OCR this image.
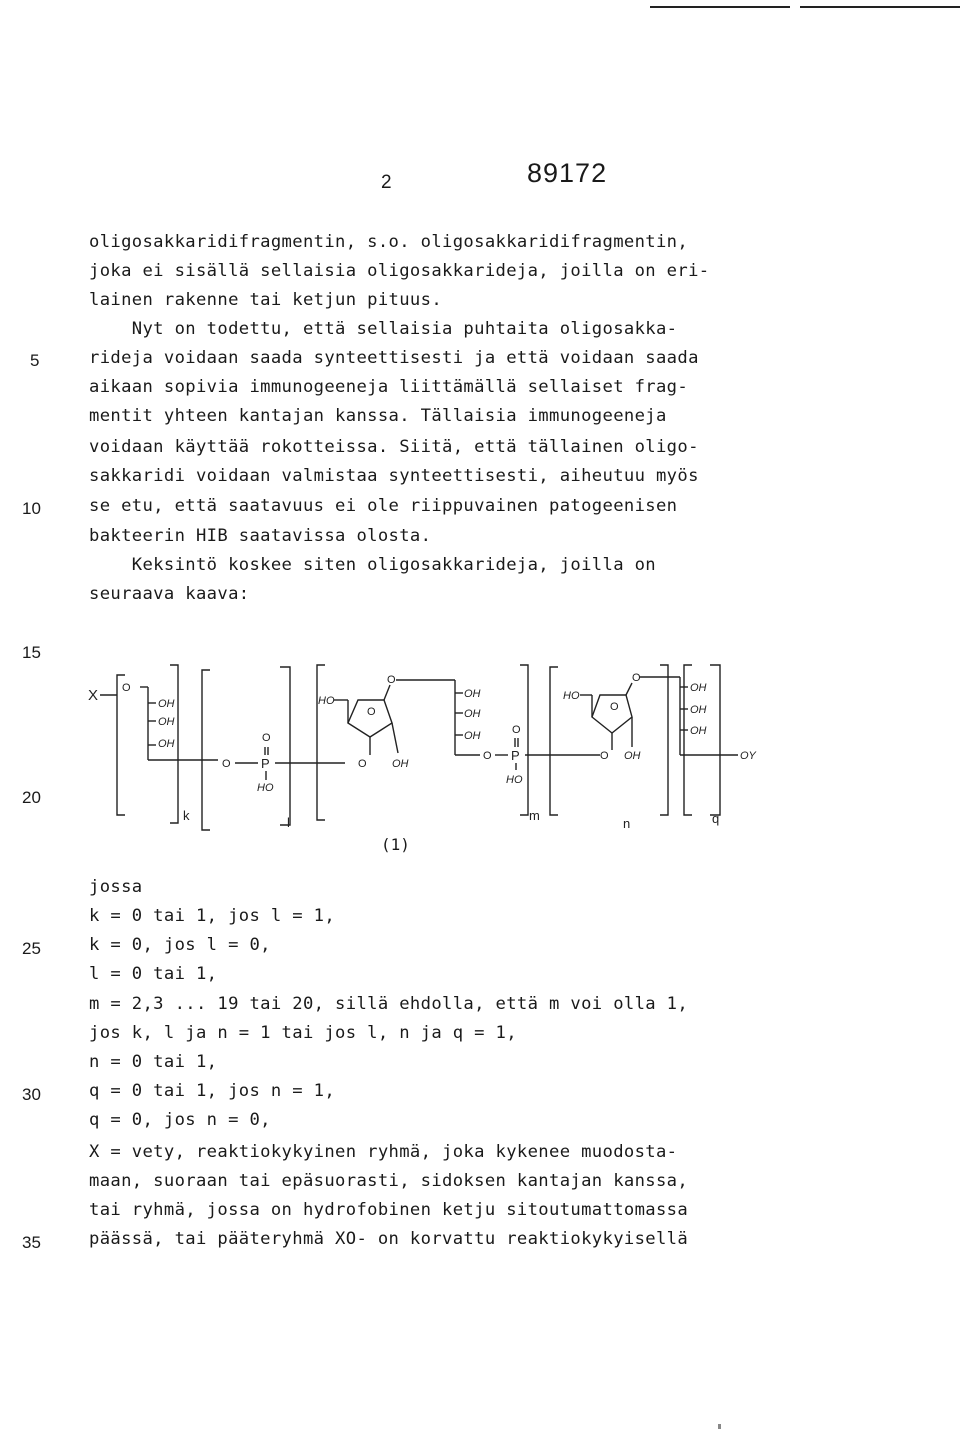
2	89172
oligosakkaridifragmentin, s.o. oligosakkaridifragmentin,
joka ei sisällä sellaisia oligosakkarideja, joilla on eri-
lainen rakenne tai ketjun pituus.
Nyt on todettu, että sellaisia puhtaita oligosakka-
rideja voidaan saada synteettisesti ja että voidaan saada
aikaan sopivia immunogeeneja liittämällä sellaiset frag-
mentit yhteen kantajan kanssa. Tällaisia immunogeeneja
voidaan käyttää rokotteissa. Siitä, että tällainen oligo-
sakkaridi voidaan valmistaa synteettisesti, aiheutuu myös
se etu, että saatavuus ei ole riippuvainen patogeenisen
bakteerin HIB saatavissa olosta.
Keksintö koskee siten oligosakkarideja, joilla on
seuraava kaava:
5
10
15
20
25
30
35
k
X O
OH
OH
OH
O P
O
HO
l
HO
O
O
O OH
OH
OH
OH
O P
O
HO
m
HO
O
O
O OH
n
OH
OH
OH
OY
q
(1)
jossa
k = 0 tai 1, jos l = 1,
k = 0, jos l = 0,
l = 0 tai 1,
m = 2,3 ... 19 tai 20, sillä ehdolla, että m voi olla 1,
jos k, l ja n = 1 tai jos l, n ja q = 1,
n = 0 tai 1,
q = 0 tai 1, jos n = 1,
q = 0, jos n = 0,
X = vety, reaktiokykyinen ryhmä, joka kykenee muodosta-
maan, suoraan tai epäsuorasti, sidoksen kantajan kanssa,
tai ryhmä, jossa on hydrofobinen ketju sitoutumattomassa
päässä, tai pääteryhmä XO- on korvattu reaktiokykyisellä
